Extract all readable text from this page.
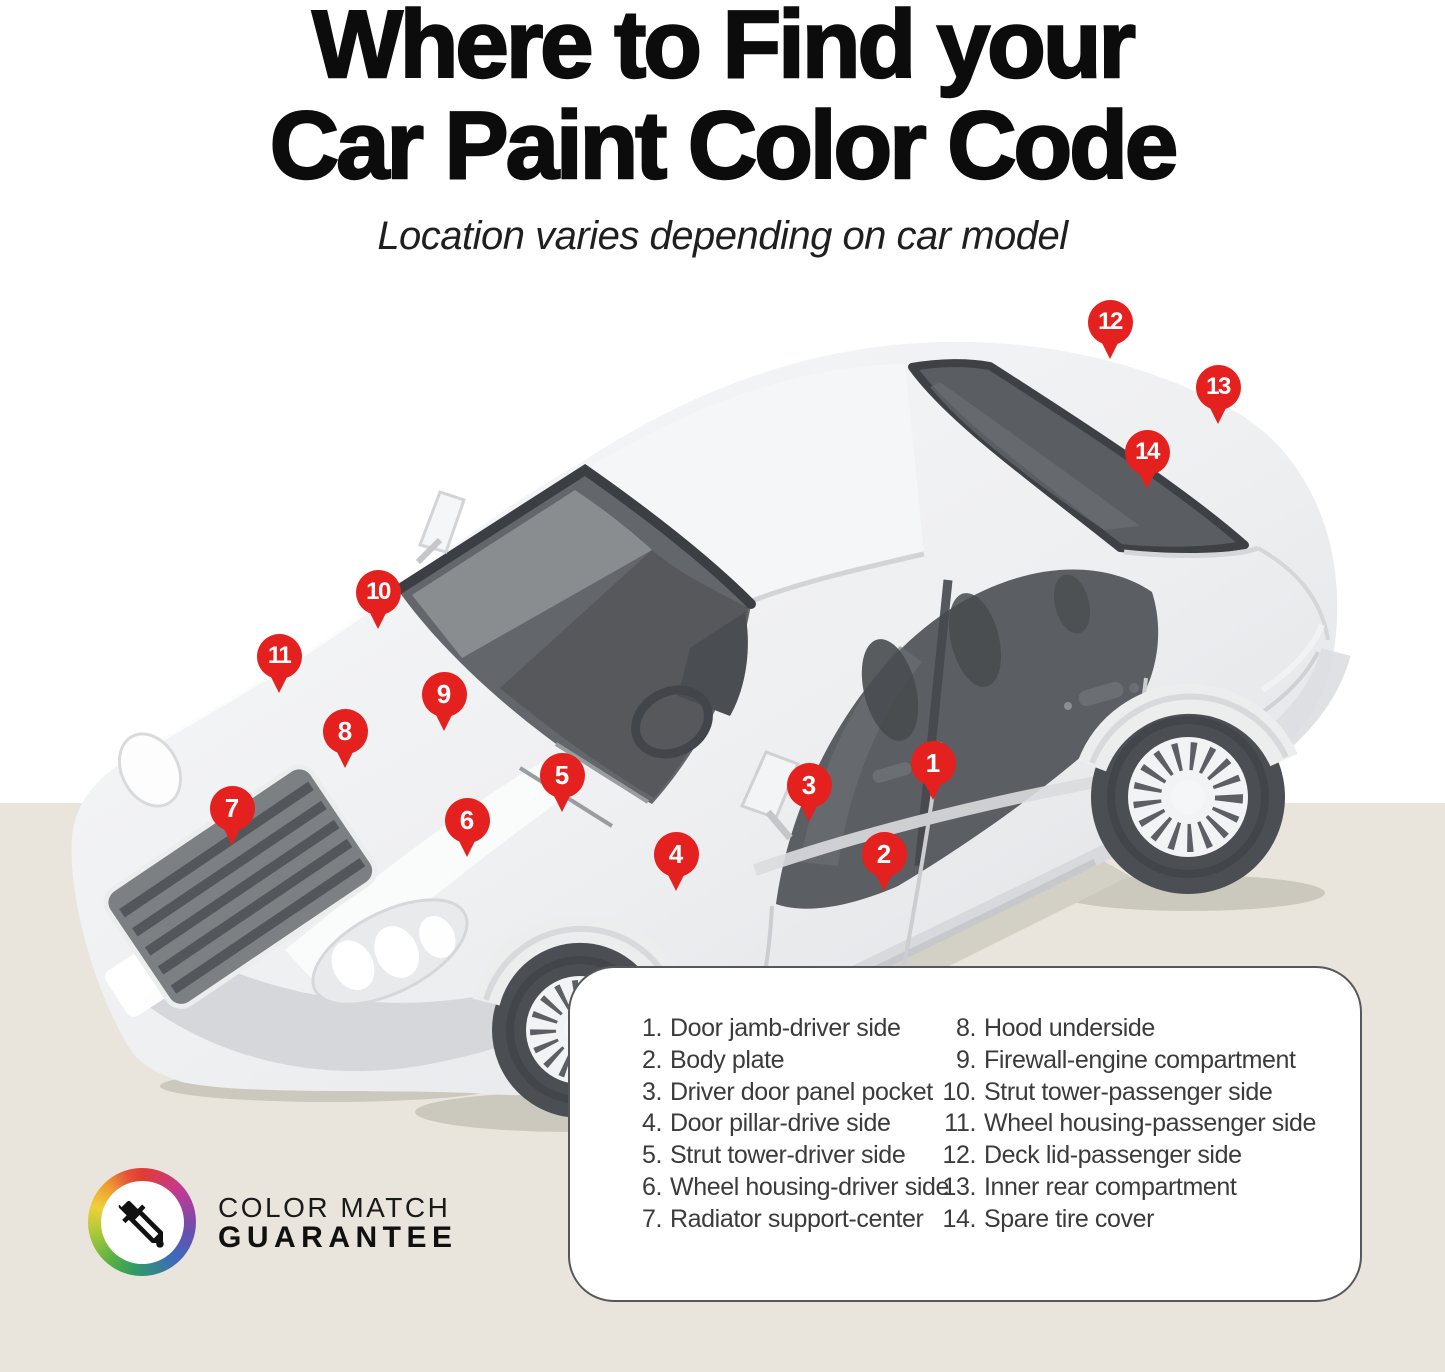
Where to Find your
Car Paint Color Code

Location varies depending on car model

1
2
3
4
5
6
7
8
9
10
11
12
13
14
1. Door jamb-driver side
2. Body plate
3. Driver door panel pocket
4. Door pillar-drive side
5. Strut tower-driver side
6. Wheel housing-driver side
7. Radiator support-center
8. Hood underside
9. Firewall-engine compartment
10. Strut tower-passenger side
11. Wheel housing-passenger side
12. Deck lid-passenger side
13. Inner rear compartment
14. Spare tire cover
COLOR MATCH
GUARANTEE
